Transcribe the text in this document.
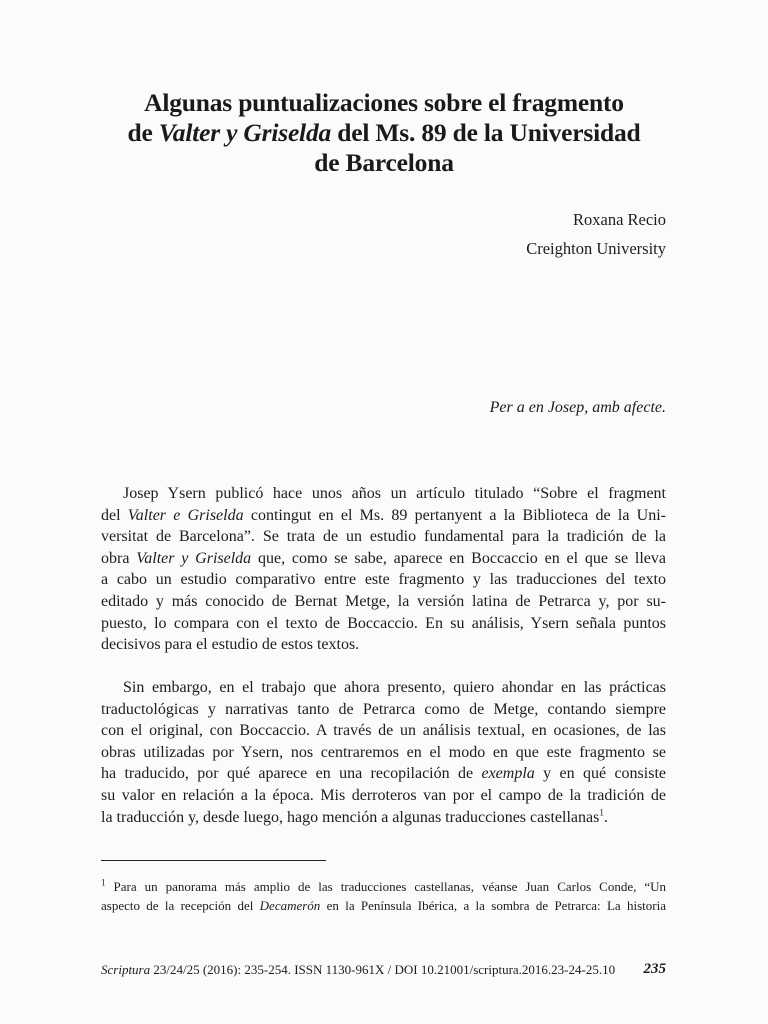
Algunas puntualizaciones sobre el fragmento
de Valter y Griselda del Ms. 89 de la Universidad
de Barcelona
Roxana Recio
Creighton University
Per a en Josep, amb afecte.
Josep Ysern publicó hace unos años un artículo titulado “Sobre el fragment
del Valter e Griselda contingut en el Ms. 89 pertanyent a la Biblioteca de la Uni-
versitat de Barcelona”. Se trata de un estudio fundamental para la tradición de la
obra Valter y Griselda que, como se sabe, aparece en Boccaccio en el que se lleva
a cabo un estudio comparativo entre este fragmento y las traducciones del texto
editado y más conocido de Bernat Metge, la versión latina de Petrarca y, por su-
puesto, lo compara con el texto de Boccaccio. En su análisis, Ysern señala puntos
decisivos para el estudio de estos textos.
Sin embargo, en el trabajo que ahora presento, quiero ahondar en las prácticas
traductológicas y narrativas tanto de Petrarca como de Metge, contando siempre
con el original, con Boccaccio. A través de un análisis textual, en ocasiones, de las
obras utilizadas por Ysern, nos centraremos en el modo en que este fragmento se
ha traducido, por qué aparece en una recopilación de exempla y en qué consiste
su valor en relación a la época. Mis derroteros van por el campo de la tradición de
la traducción y, desde luego, hago mención a algunas traducciones castellanas$^1$.
$^1$ Para un panorama más amplio de las traducciones castellanas, véanse Juan Carlos Conde, “Un
aspecto de la recepción del Decamerón en la Península Ibérica, a la sombra de Petrarca: La historia
Scriptura 23/24/25 (2016): 235-254. ISSN 1130-961X / DOI 10.21001/scriptura.2016.23-24-25.10 235
